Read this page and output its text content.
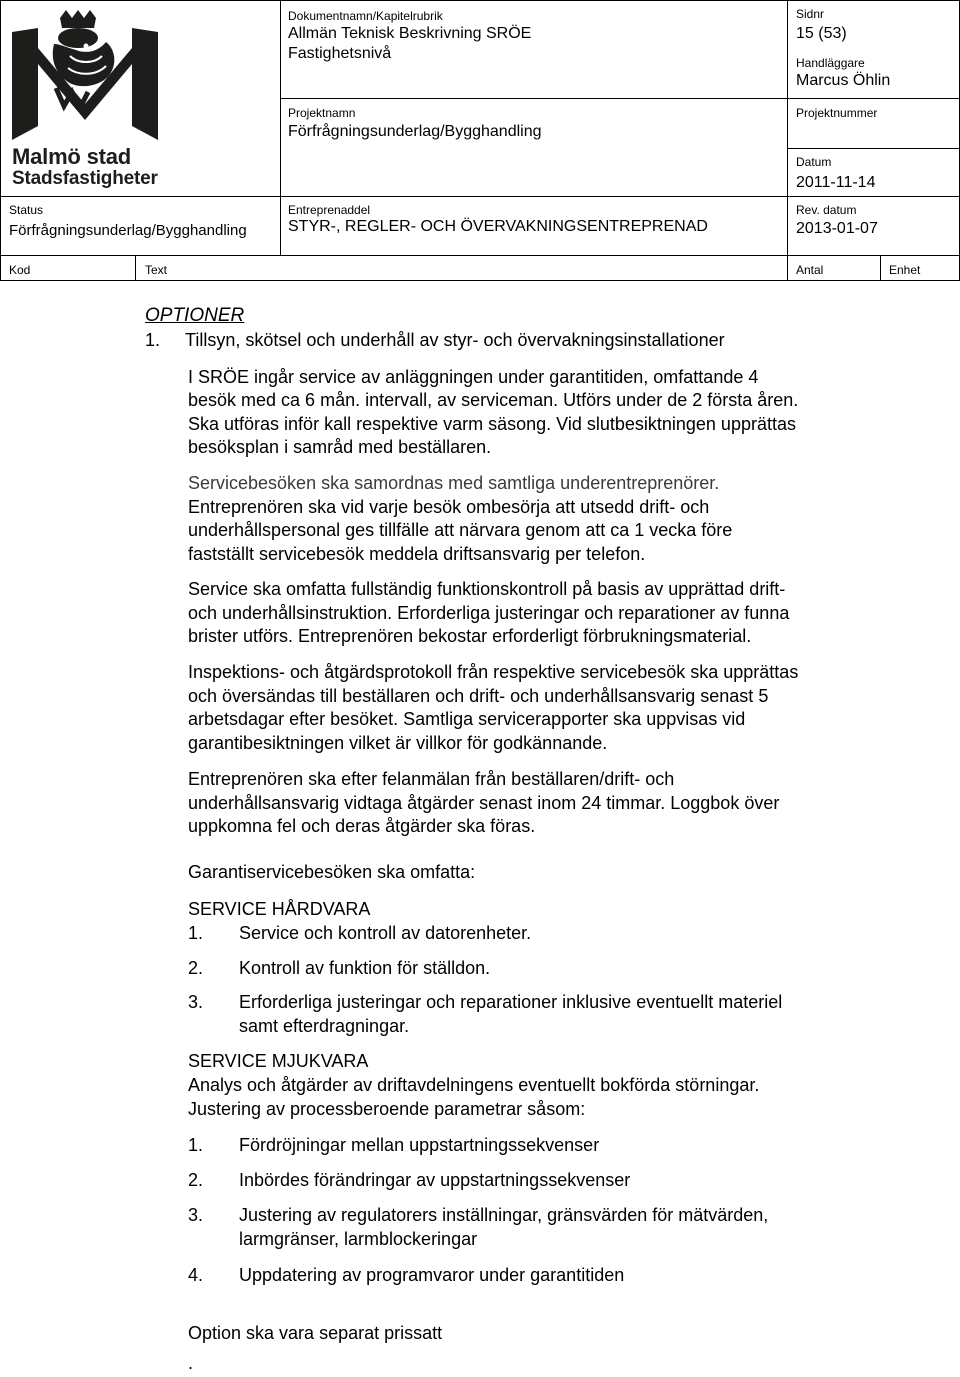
Malmö stad
Stadsfastigheter
Dokumentnamn/Kapitelrubrik
Allmän Teknisk Beskrivning SRÖE
Fastighetsnivå
Sidnr
15 (53)
Handläggare
Marcus Öhlin
Projektnamn
Förfrågningsunderlag/Bygghandling
Projektnummer
Datum
2011-11-14
Status
Förfrågningsunderlag/Bygghandling
Entreprenaddel
STYR-, REGLER- OCH ÖVERVAKNINGSENTREPRENAD
Rev. datum
2013-01-07
Kod	Text	Antal	Enhet
OPTIONER
1. Tillsyn, skötsel och underhåll av styr- och övervakningsinstallationer
I SRÖE ingår service av anläggningen under garantitiden, omfattande 4
besök med ca 6 mån. intervall, av serviceman. Utförs under de 2 första åren.
Ska utföras inför kall respektive varm säsong. Vid slutbesiktningen upprättas
besöksplan i samråd med beställaren.
Servicebesöken ska samordnas med samtliga underentreprenörer.
Entreprenören ska vid varje besök ombesörja att utsedd drift- och
underhållspersonal ges tillfälle att närvara genom att ca 1 vecka före
fastställt servicebesök meddela driftsansvarig per telefon.
Service ska omfatta fullständig funktionskontroll på basis av upprättad drift-
och underhållsinstruktion. Erforderliga justeringar och reparationer av funna
brister utförs. Entreprenören bekostar erforderligt förbrukningsmaterial.
Inspektions- och åtgärdsprotokoll från respektive servicebesök ska upprättas
och översändas till beställaren och drift- och underhållsansvarig senast 5
arbetsdagar efter besöket. Samtliga servicerapporter ska uppvisas vid
garantibesiktningen vilket är villkor för godkännande.
Entreprenören ska efter felanmälan från beställaren/drift- och
underhållsansvarig vidtaga åtgärder senast inom 24 timmar. Loggbok över
uppkomna fel och deras åtgärder ska föras.
Garantiservicebesöken ska omfatta:
SERVICE HÅRDVARA
1. Service och kontroll av datorenheter.
2. Kontroll av funktion för ställdon.
3. Erforderliga justeringar och reparationer inklusive eventuellt materiel
samt efterdragningar.
SERVICE MJUKVARA
Analys och åtgärder av driftavdelningens eventuellt bokförda störningar.
Justering av processberoende parametrar såsom:
1. Fördröjningar mellan uppstartningssekvenser
2. Inbördes förändringar av uppstartningssekvenser
3. Justering av regulatorers inställningar, gränsvärden för mätvärden,
larmgränser, larmblockeringar
4. Uppdatering av programvaror under garantitiden
Option ska vara separat prissatt
.
